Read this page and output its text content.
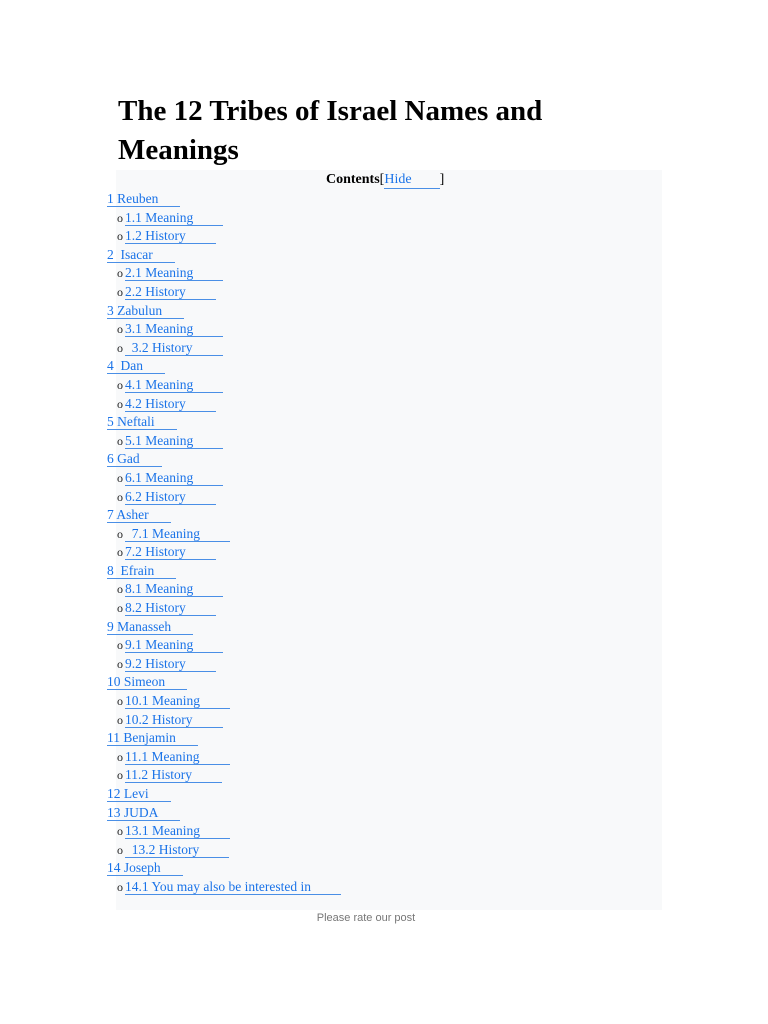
The 12 Tribes of Israel Names and Meanings
Contents[Hide ]
1 Reuben
o 1.1 Meaning
o 1.2 History
2  Isacar
o 2.1 Meaning
o 2.2 History
3 Zabulun
o 3.1 Meaning
o  3.2 History
4  Dan
o 4.1 Meaning
o 4.2 History
5 Neftali
o 5.1 Meaning
6 Gad
o 6.1 Meaning
o 6.2 History
7 Asher
o  7.1 Meaning
o 7.2 History
8  Efrain
o 8.1 Meaning
o 8.2 History
9 Manasseh
o 9.1 Meaning
o 9.2 History
10 Simeon
o 10.1 Meaning
o 10.2 History
11 Benjamin
o 11.1 Meaning
o 11.2 History
12 Levi
13 JUDA
o 13.1 Meaning
o  13.2 History
14 Joseph
o 14.1 You may also be interested in
Please rate our post
